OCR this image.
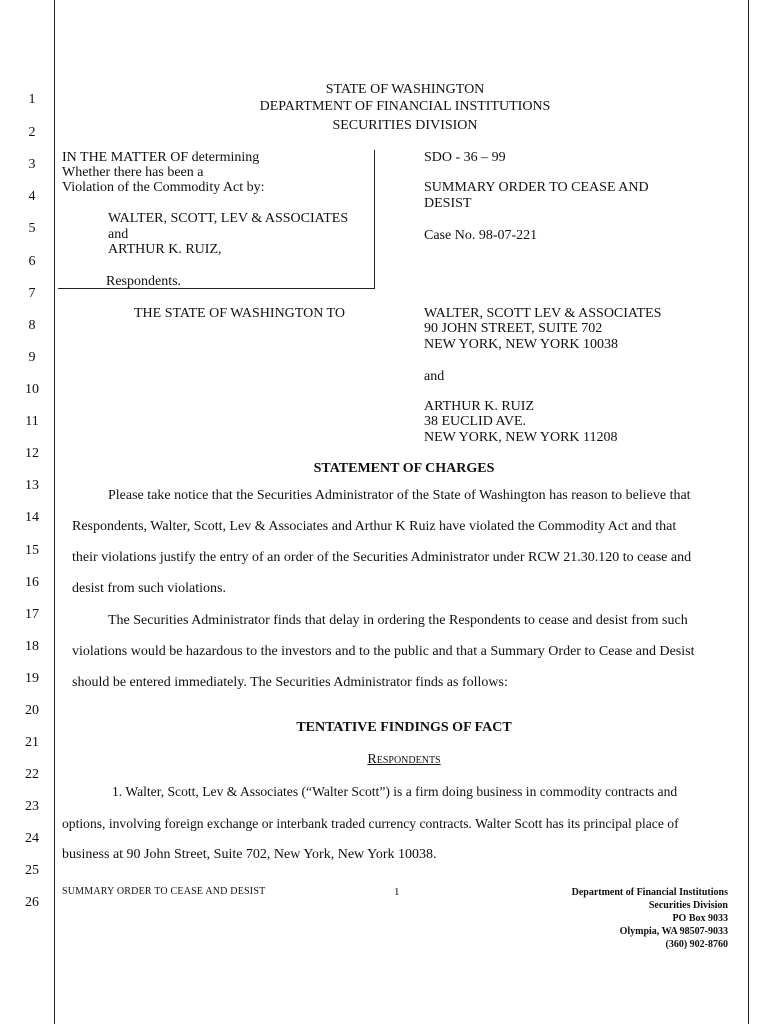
1
2
3
4
5
6
7
8
9
10
11
12
13
14
15
16
17
18
19
20
21
22
23
24
25
26
STATE OF WASHINGTON
DEPARTMENT OF FINANCIAL INSTITUTIONS
SECURITIES DIVISION
IN THE MATTER OF determining
Whether there has been a
Violation of the Commodity Act by:
WALTER, SCOTT, LEV & ASSOCIATES
and
ARTHUR K. RUIZ,
Respondents.
SDO - 36 – 99
SUMMARY ORDER TO CEASE AND
DESIST
Case No. 98-07-221
THE STATE OF WASHINGTON TO	WALTER, SCOTT LEV & ASSOCIATES
90 JOHN STREET, SUITE 702
NEW YORK, NEW YORK 10038
and
ARTHUR K. RUIZ
38 EUCLID AVE.
NEW YORK, NEW YORK 11208
STATEMENT OF CHARGES
Please take notice that the Securities Administrator of the State of Washington has reason to believe that
Respondents, Walter, Scott, Lev & Associates and Arthur K Ruiz have violated the Commodity Act and that
their violations justify the entry of an order of the Securities Administrator under RCW 21.30.120 to cease and
desist from such violations.
The Securities Administrator finds that delay in ordering the Respondents to cease and desist from such
violations would be hazardous to the investors and to the public and that a Summary Order to Cease and Desist
should be entered immediately. The Securities Administrator finds as follows:
TENTATIVE FINDINGS OF FACT
Respondents
1. Walter, Scott, Lev & Associates (“Walter Scott”) is a firm doing business in commodity contracts and
options, involving foreign exchange or interbank traded currency contracts. Walter Scott has its principal place of
business at 90 John Street, Suite 702, New York, New York 10038.
SUMMARY ORDER TO CEASE AND DESIST	1	Department of Financial Institutions
Securities Division
PO Box 9033
Olympia, WA 98507-9033
(360) 902-8760
